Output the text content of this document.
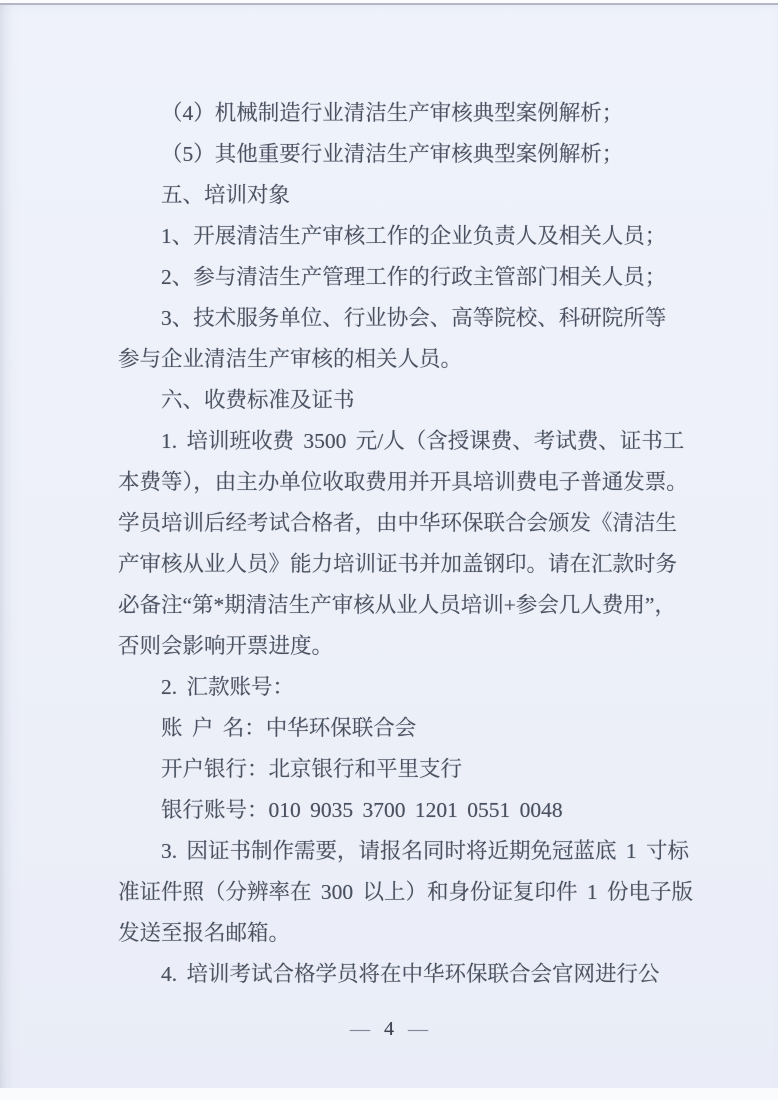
（4）机械制造行业清洁生产审核典型案例解析；
（5）其他重要行业清洁生产审核典型案例解析；
五、培训对象
1、开展清洁生产审核工作的企业负责人及相关人员；
2、参与清洁生产管理工作的行政主管部门相关人员；
3、技术服务单位、行业协会、高等院校、科研院所等
参与企业清洁生产审核的相关人员。
六、收费标准及证书
1. 培训班收费 3500 元/人（含授课费、考试费、证书工
本费等），由主办单位收取费用并开具培训费电子普通发票。
学员培训后经考试合格者，由中华环保联合会颁发《清洁生
产审核从业人员》能力培训证书并加盖钢印。请在汇款时务
必备注“第*期清洁生产审核从业人员培训+参会几人费用”，
否则会影响开票进度。
2. 汇款账号：
账 户 名：中华环保联合会
开户银行：北京银行和平里支行
银行账号：010 9035 3700 1201 0551 0048
3. 因证书制作需要，请报名同时将近期免冠蓝底 1 寸标
准证件照（分辨率在 300 以上）和身份证复印件 1 份电子版
发送至报名邮箱。
4. 培训考试合格学员将在中华环保联合会官网进行公
— 4 —
